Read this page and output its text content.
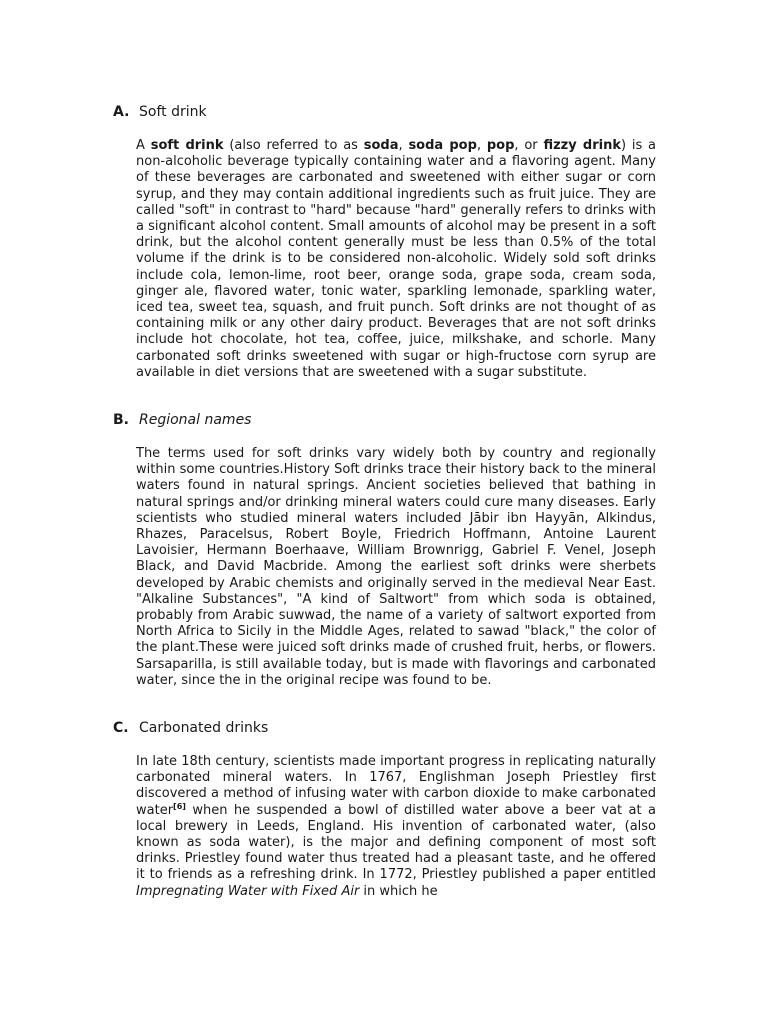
A. Soft drink

A soft drink (also referred to as soda, soda pop, pop, or fizzy drink) is a non-alcoholic beverage typically containing water and a flavoring agent. Many of these beverages are carbonated and sweetened with either sugar or corn syrup, and they may contain additional ingredients such as fruit juice. They are called "soft" in contrast to "hard" because "hard" generally refers to drinks with a significant alcohol content. Small amounts of alcohol may be present in a soft drink, but the alcohol content generally must be less than 0.5% of the total volume if the drink is to be considered non-alcoholic. Widely sold soft drinks include cola, lemon-lime, root beer, orange soda, grape soda, cream soda, ginger ale, flavored water, tonic water, sparkling lemonade, sparkling water, iced tea, sweet tea, squash, and fruit punch. Soft drinks are not thought of as containing milk or any other dairy product. Beverages that are not soft drinks include hot chocolate, hot tea, coffee, juice, milkshake, and schorle. Many carbonated soft drinks sweetened with sugar or high-fructose corn syrup are available in diet versions that are sweetened with a sugar substitute.

B. Regional names

The terms used for soft drinks vary widely both by country and regionally within some countries.History Soft drinks trace their history back to the mineral waters found in natural springs. Ancient societies believed that bathing in natural springs and/or drinking mineral waters could cure many diseases. Early scientists who studied mineral waters included Jābir ibn Hayyān, Alkindus, Rhazes, Paracelsus, Robert Boyle, Friedrich Hoffmann, Antoine Laurent Lavoisier, Hermann Boerhaave, William Brownrigg, Gabriel F. Venel, Joseph Black, and David Macbride. Among the earliest soft drinks were sherbets developed by Arabic chemists and originally served in the medieval Near East. "Alkaline Substances", "A kind of Saltwort" from which soda is obtained, probably from Arabic suwwad, the name of a variety of saltwort exported from North Africa to Sicily in the Middle Ages, related to sawad "black," the color of the plant.These were juiced soft drinks made of crushed fruit, herbs, or flowers. Sarsaparilla, is still available today, but is made with flavorings and carbonated water, since the in the original recipe was found to be.

C. Carbonated drinks

In late 18th century, scientists made important progress in replicating naturally carbonated mineral waters. In 1767, Englishman Joseph Priestley first discovered a method of infusing water with carbon dioxide to make carbonated water[6] when he suspended a bowl of distilled water above a beer vat at a local brewery in Leeds, England. His invention of carbonated water, (also known as soda water), is the major and defining component of most soft drinks. Priestley found water thus treated had a pleasant taste, and he offered it to friends as a refreshing drink. In 1772, Priestley published a paper entitled Impregnating Water with Fixed Air in which he
